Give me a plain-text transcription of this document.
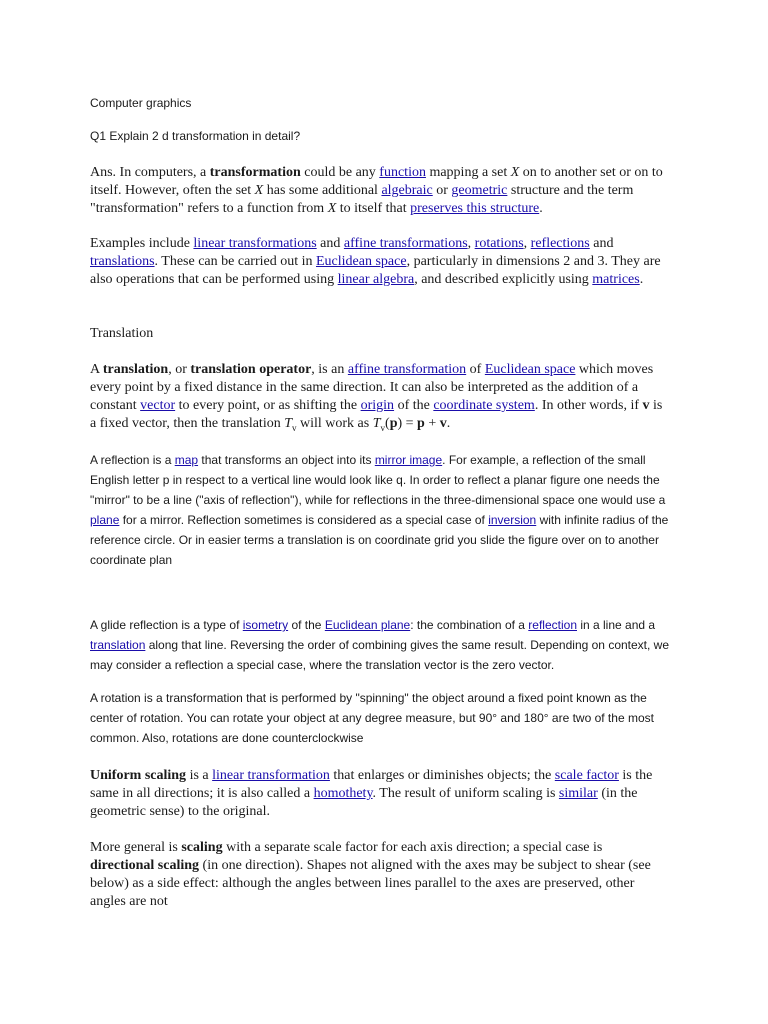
Computer graphics
Q1 Explain 2 d transformation in detail?

Ans. In computers, a transformation could be any function mapping a set X on to another set or on to itself. However, often the set X has some additional algebraic or geometric structure and the term "transformation" refers to a function from X to itself that preserves this structure.

Examples include linear transformations and affine transformations, rotations, reflections and translations. These can be carried out in Euclidean space, particularly in dimensions 2 and 3. They are also operations that can be performed using linear algebra, and described explicitly using matrices.

Translation

A translation, or translation operator, is an affine transformation of Euclidean space which moves every point by a fixed distance in the same direction. It can also be interpreted as the addition of a constant vector to every point, or as shifting the origin of the coordinate system. In other words, if v is a fixed vector, then the translation $T_v$ will work as $T_v(p) = p + v$.

A reflection is a map that transforms an object into its mirror image. For example, a reflection of the small English letter p in respect to a vertical line would look like q. In order to reflect a planar figure one needs the "mirror" to be a line ("axis of reflection"), while for reflections in the three-dimensional space one would use a plane for a mirror. Reflection sometimes is considered as a special case of inversion with infinite radius of the reference circle. Or in easier terms a translation is on coordinate grid you slide the figure over on to another coordinate plan

A glide reflection is a type of isometry of the Euclidean plane: the combination of a reflection in a line and a translation along that line. Reversing the order of combining gives the same result. Depending on context, we may consider a reflection a special case, where the translation vector is the zero vector.

A rotation is a transformation that is performed by "spinning" the object around a fixed point known as the center of rotation. You can rotate your object at any degree measure, but 90° and 180° are two of the most common. Also, rotations are done counterclockwise

Uniform scaling is a linear transformation that enlarges or diminishes objects; the scale factor is the same in all directions; it is also called a homothety. The result of uniform scaling is similar (in the geometric sense) to the original.

More general is scaling with a separate scale factor for each axis direction; a special case is directional scaling (in one direction). Shapes not aligned with the axes may be subject to shear (see below) as a side effect: although the angles between lines parallel to the axes are preserved, other angles are not
